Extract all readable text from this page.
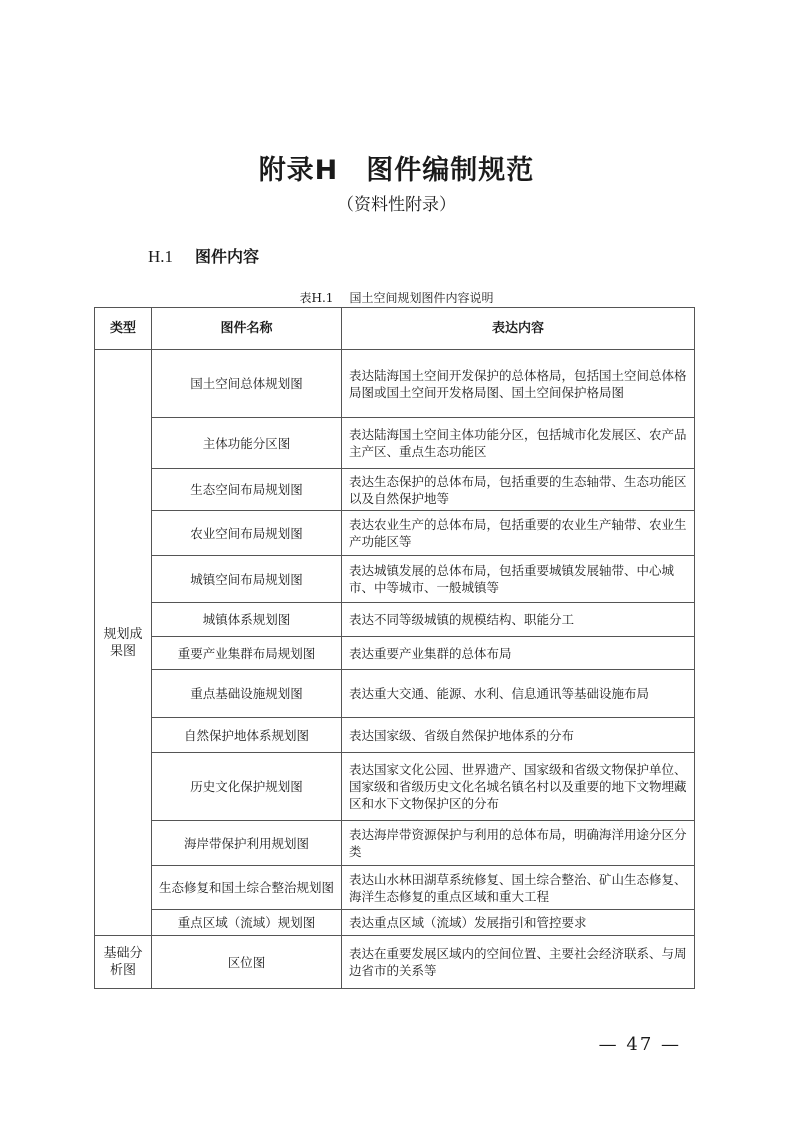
附录H　图件编制规范
（资料性附录）
H.1 图件内容
表H.1 国土空间规划图件内容说明
类型	图件名称	表达内容
规划成果图	国土空间总体规划图	表达陆海国土空间开发保护的总体格局，包括国土空间总体格局图或国土空间开发格局图、国土空间保护格局图
	主体功能分区图	表达陆海国土空间主体功能分区，包括城市化发展区、农产品主产区、重点生态功能区
	生态空间布局规划图	表达生态保护的总体布局，包括重要的生态轴带、生态功能区以及自然保护地等
	农业空间布局规划图	表达农业生产的总体布局，包括重要的农业生产轴带、农业生产功能区等
	城镇空间布局规划图	表达城镇发展的总体布局，包括重要城镇发展轴带、中心城市、中等城市、一般城镇等
	城镇体系规划图	表达不同等级城镇的规模结构、职能分工
	重要产业集群布局规划图	表达重要产业集群的总体布局
	重点基础设施规划图	表达重大交通、能源、水利、信息通讯等基础设施布局
	自然保护地体系规划图	表达国家级、省级自然保护地体系的分布
	历史文化保护规划图	表达国家文化公园、世界遗产、国家级和省级文物保护单位、国家级和省级历史文化名城名镇名村以及重要的地下文物埋藏区和水下文物保护区的分布
	海岸带保护利用规划图	表达海岸带资源保护与利用的总体布局，明确海洋用途分区分类
	生态修复和国土综合整治规划图	表达山水林田湖草系统修复、国土综合整治、矿山生态修复、海洋生态修复的重点区域和重大工程
	重点区域（流域）规划图	表达重点区域（流域）发展指引和管控要求
基础分析图	区位图	表达在重要发展区域内的空间位置、主要社会经济联系、与周边省市的关系等
— 47 —
